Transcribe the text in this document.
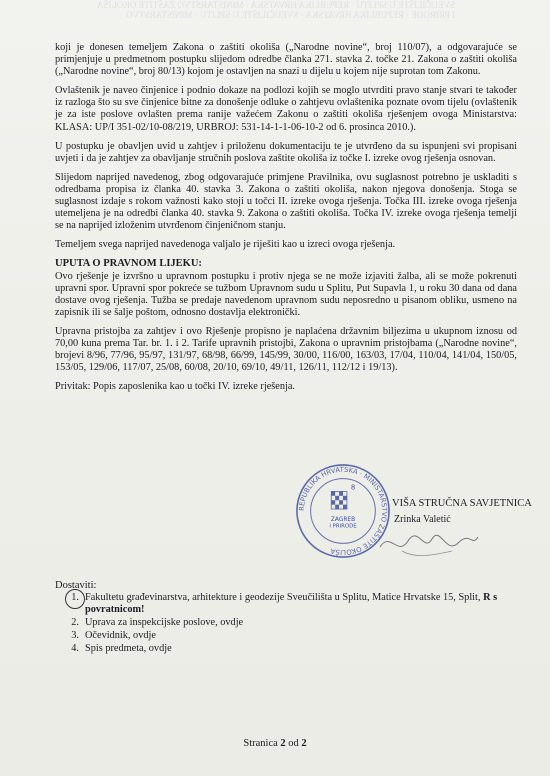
SVEUČILIŠTE U SPLITU · REPUBLIKA HRVATSKA · MINISTARSTVO ZAŠTITE OKOLIŠA I PRIRODE · REPUBLIKA HRVATSKA · SVEUČILIŠTE U SPLITU · MINISTARSTVO

koji je donesen temeljem Zakona o zaštiti okoliša („Narodne novine“, broj 110/07), a odgovarajuće se primjenjuje u predmetnom postupku slijedom odredbe članka 271. stavka 2. točke 21. Zakona o zaštiti okoliša („Narodne novine“, broj 80/13) kojom je ostavljen na snazi u dijelu u kojem nije suprotan tom Zakonu.

Ovlaštenik je naveo činjenice i podnio dokaze na podlozi kojih se moglo utvrditi pravo stanje stvari te također iz razloga što su sve činjenice bitne za donošenje odluke o zahtjevu ovlaštenika poznate ovom tijelu (ovlaštenik je za iste poslove ovlašten prema ranije važećem Zakonu o zaštiti okoliša rješenjem ovoga Ministarstva: KLASA: UP/I 351-02/10-08/219, URBROJ: 531-14-1-1-06-10-2 od 6. prosinca 2010.).

U postupku je obavljen uvid u zahtjev i priloženu dokumentaciju te je utvrđeno da su ispunjeni svi propisani uvjeti i da je zahtjev za obavljanje stručnih poslova zaštite okoliša iz točke I. izreke ovog rješenja osnovan.

Slijedom naprijed navedenog, zbog odgovarajuće primjene Pravilnika, ovu suglasnost potrebno je uskladiti s odredbama propisa iz članka 40. stavka 3. Zakona o zaštiti okoliša, nakon njegova donošenja. Stoga se suglasnost izdaje s rokom važnosti kako stoji u točci II. izreke ovoga rješenja. Točka III. izreke ovoga rješenja utemeljena je na odredbi članka 40. stavka 9. Zakona o zaštiti okoliša. Točka IV. izreke ovoga rješenja temelji se na naprijed izloženim utvrđenom činjeničnom stanju.

Temeljem svega naprijed navedenoga valjalo je riješiti kao u izreci ovoga rješenja.

UPUTA O PRAVNOM LIJEKU:

Ovo rješenje je izvršno u upravnom postupku i protiv njega se ne može izjaviti žalba, ali se može pokrenuti upravni spor. Upravni spor pokreće se tužbom Upravnom sudu u Splitu, Put Supavla 1, u roku 30 dana od dana dostave ovog rješenja. Tužba se predaje navedenom upravnom sudu neposredno u pisanom obliku, usmeno na zapisnik ili se šalje poštom, odnosno dostavlja elektronički.

Upravna pristojba za zahtjev i ovo Rješenje propisno je naplaćena državnim biljezima u ukupnom iznosu od 70,00 kuna prema Tar. br. 1. i 2. Tarife upravnih pristojbi, Zakona o upravnim pristojbama („Narodne novine“, brojevi 8/96, 77/96, 95/97, 131/97, 68/98, 66/99, 145/99, 30/00, 116/00, 163/03, 17/04, 110/04, 141/04, 150/05, 153/05, 129/06, 117/07, 25/08, 60/08, 20/10, 69/10, 49/11, 126/11, 112/12 i 19/13).

Privitak: Popis zaposlenika kao u točki IV. izreke rješenja.

REPUBLIKA HRVATSKA · MINISTARSTVO ZAŠTITE OKOLIŠA
8
ZAGREB
I PRIRODE
VIŠA STRUČNA SAVJETNICA
Zrinka Valetić
Dostaviti:
1. Fakultetu građevinarstva, arhitekture i geodezije Sveučilišta u Splitu, Matice Hrvatske 15, Split, R s povratnicom!
2. Uprava za inspekcijske poslove, ovdje
3. Očevidnik, ovdje
4. Spis predmeta, ovdje
Stranica 2 od 2
